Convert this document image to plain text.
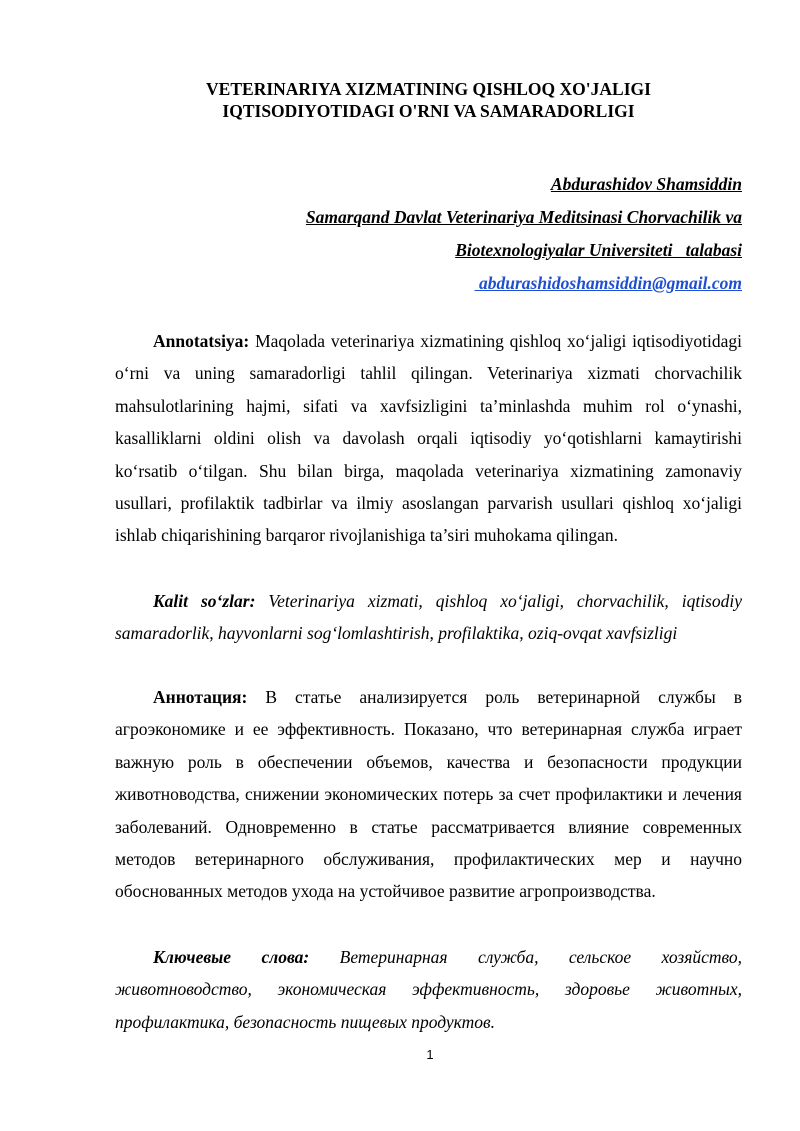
VETERINARIYA XIZMATINING QISHLOQ XO'JALIGI
IQTISODIYOTIDAGI O'RNI VA SAMARADORLIGI
Abdurashidov Shamsiddin
Samarqand Davlat Veterinariya Meditsinasi Chorvachilik va
Biotexnologiyalar Universiteti   talabasi
abdurashidoshamsiddin@gmail.com

Annotatsiya: Maqolada veterinariya xizmatining qishloq xo‘jaligi iqtisodiyotidagi o‘rni va uning samaradorligi tahlil qilingan. Veterinariya xizmati chorvachilik mahsulotlarining hajmi, sifati va xavfsizligini ta’minlashda muhim rol o‘ynashi, kasalliklarni oldini olish va davolash orqali iqtisodiy yo‘qotishlarni kamaytirishi ko‘rsatib o‘tilgan. Shu bilan birga, maqolada veterinariya xizmatining zamonaviy usullari, profilaktik tadbirlar va ilmiy asoslangan parvarish usullari qishloq xo‘jaligi ishlab chiqarishining barqaror rivojlanishiga ta’siri muhokama qilingan.

Kalit so‘zlar: Veterinariya xizmati, qishloq xo‘jaligi, chorvachilik, iqtisodiy samaradorlik, hayvonlarni sog‘lomlashtirish, profilaktika, oziq-ovqat xavfsizligi

Аннотация: В статье анализируется роль ветеринарной службы в агроэкономике и ее эффективность. Показано, что ветеринарная служба играет важную роль в обеспечении объемов, качества и безопасности продукции животноводства, снижении экономических потерь за счет профилактики и лечения заболеваний. Одновременно в статье рассматривается влияние современных методов ветеринарного обслуживания, профилактических мер и научно обоснованных методов ухода на устойчивое развитие агропроизводства.

Ключевые слова: Ветеринарная служба, сельское хозяйство, животноводство, экономическая эффективность, здоровье животных, профилактика, безопасность пищевых продуктов.

1
